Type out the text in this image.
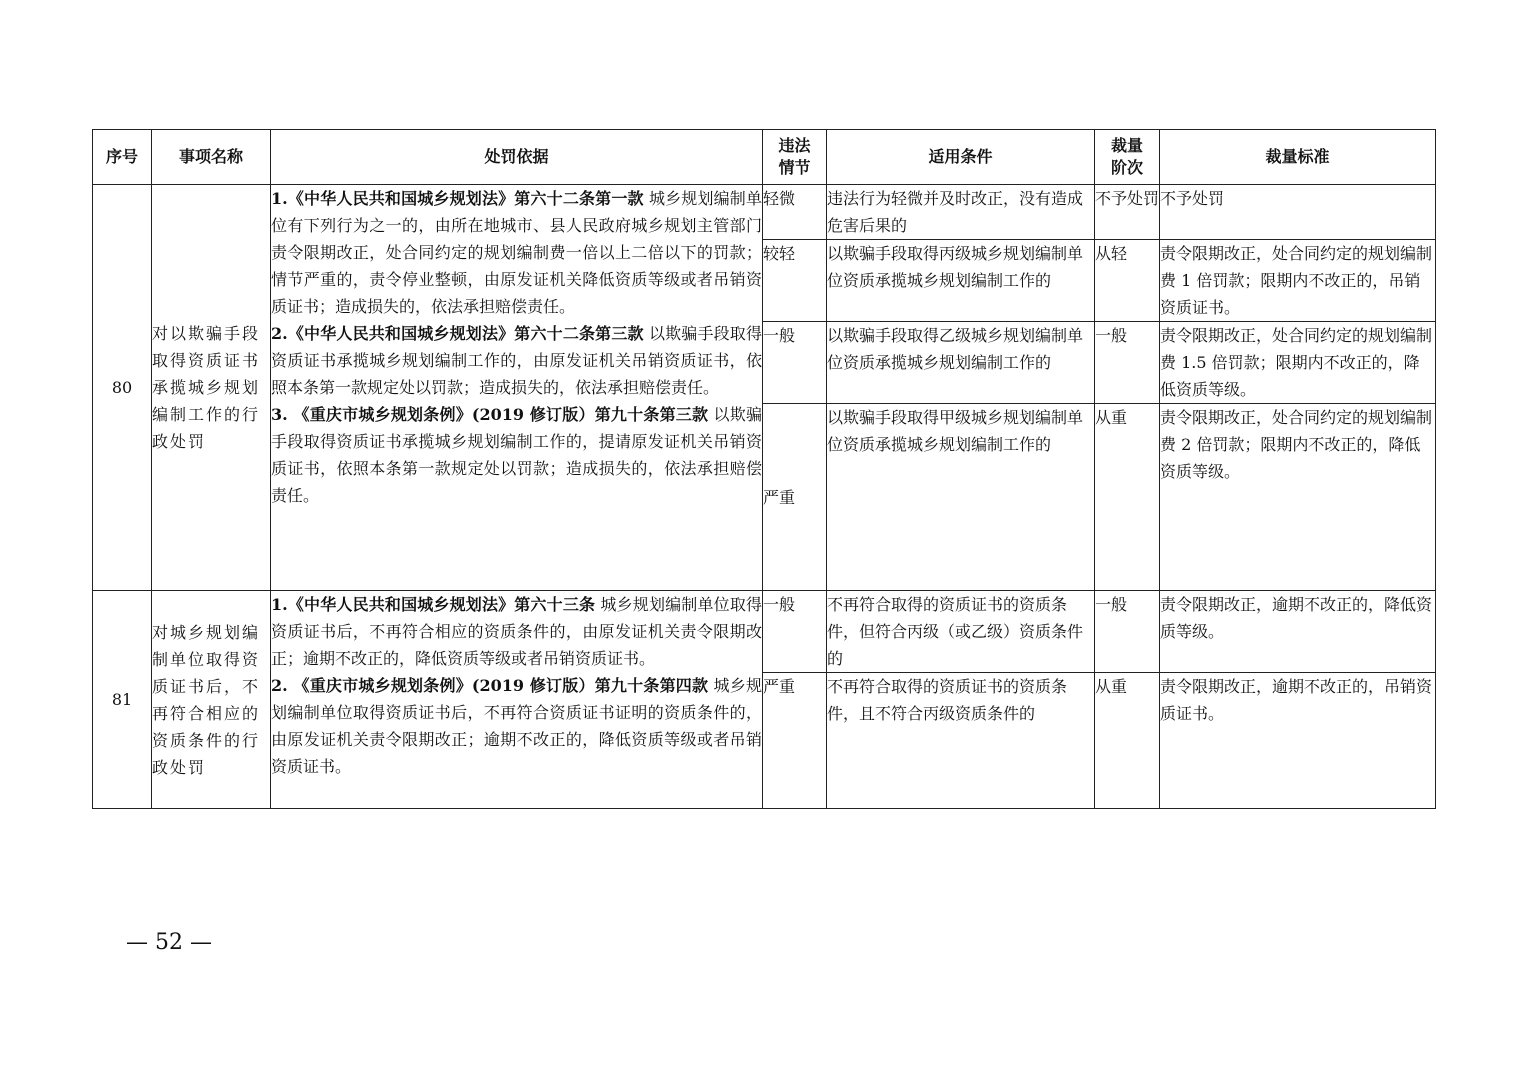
序号	事项名称	处罚依据	违法情节	适用条件	裁量阶次	裁量标准
80	对以欺骗手段取得资质证书承揽城乡规划编制工作的行政处罚	1.《中华人民共和国城乡规划法》第六十二条第一款 城乡规划编制单位有下列行为之一的，由所在地城市、县人民政府城乡规划主管部门责令限期改正，处合同约定的规划编制费一倍以上二倍以下的罚款；情节严重的，责令停业整顿，由原发证机关降低资质等级或者吊销资质证书；造成损失的，依法承担赔偿责任。
2.《中华人民共和国城乡规划法》第六十二条第三款 以欺骗手段取得资质证书承揽城乡规划编制工作的，由原发证机关吊销资质证书，依照本条第一款规定处以罚款；造成损失的，依法承担赔偿责任。
3. 《重庆市城乡规划条例》(2019 修订版）第九十条第三款 以欺骗手段取得资质证书承揽城乡规划编制工作的，提请原发证机关吊销资质证书，依照本条第一款规定处以罚款；造成损失的，依法承担赔偿责任。	轻微	违法行为轻微并及时改正，没有造成危害后果的	不予处罚	不予处罚
			较轻	以欺骗手段取得丙级城乡规划编制单位资质承揽城乡规划编制工作的	从轻	责令限期改正，处合同约定的规划编制费 1 倍罚款；限期内不改正的，吊销资质证书。
			一般	以欺骗手段取得乙级城乡规划编制单位资质承揽城乡规划编制工作的	一般	责令限期改正，处合同约定的规划编制费 1.5 倍罚款；限期内不改正的，降低资质等级。
			严重	以欺骗手段取得甲级城乡规划编制单位资质承揽城乡规划编制工作的	从重	责令限期改正，处合同约定的规划编制费 2 倍罚款；限期内不改正的，降低资质等级。
81	对城乡规划编制单位取得资质证书后，不再符合相应的资质条件的行政处罚	1.《中华人民共和国城乡规划法》第六十三条 城乡规划编制单位取得资质证书后，不再符合相应的资质条件的，由原发证机关责令限期改正；逾期不改正的，降低资质等级或者吊销资质证书。
2. 《重庆市城乡规划条例》(2019 修订版）第九十条第四款 城乡规划编制单位取得资质证书后，不再符合资质证书证明的资质条件的，由原发证机关责令限期改正；逾期不改正的，降低资质等级或者吊销资质证书。	一般	不再符合取得的资质证书的资质条件，但符合丙级（或乙级）资质条件的	一般	责令限期改正，逾期不改正的，降低资质等级。
			严重	不再符合取得的资质证书的资质条件，且不符合丙级资质条件的	从重	责令限期改正，逾期不改正的，吊销资质证书。
— 52 —
